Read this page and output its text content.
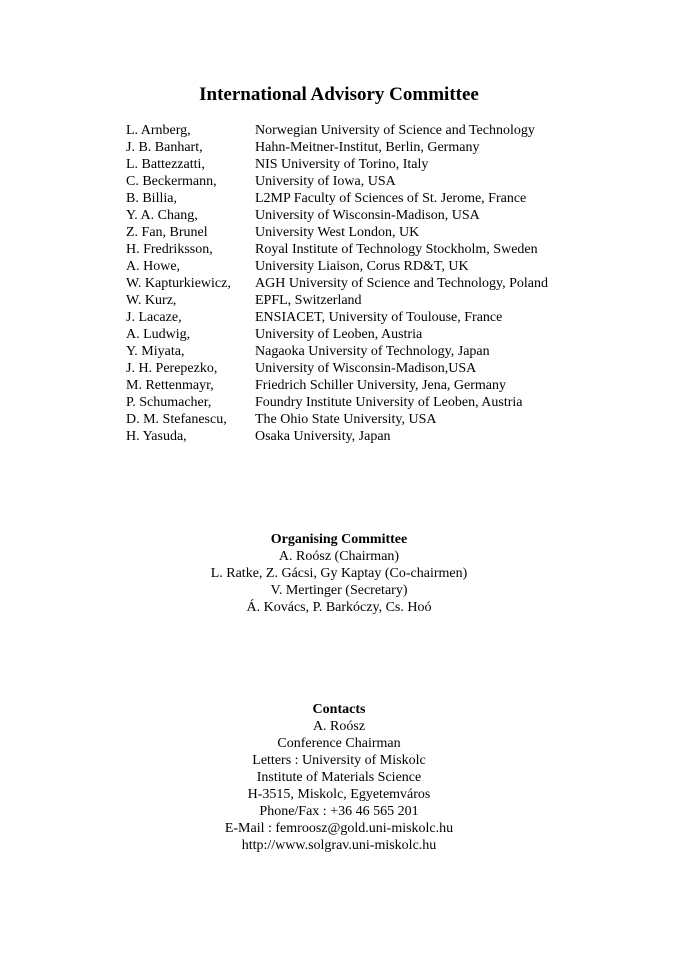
International Advisory Committee
L. Arnberg,	Norwegian University of Science and Technology
J. B. Banhart,	Hahn-Meitner-Institut, Berlin, Germany
L. Battezzatti,	NIS University of Torino, Italy
C. Beckermann,	University of Iowa, USA
B. Billia,	L2MP Faculty of Sciences of St. Jerome, France
Y. A. Chang,	University of Wisconsin-Madison, USA
Z. Fan, Brunel	University West London, UK
H. Fredriksson,	Royal Institute of Technology Stockholm, Sweden
A. Howe,	University Liaison, Corus RD&T, UK
W. Kapturkiewicz,	AGH University of Science and Technology, Poland
W. Kurz,	EPFL, Switzerland
J. Lacaze,	ENSIACET, University of Toulouse, France
A. Ludwig,	University of Leoben, Austria
Y. Miyata,	Nagaoka University of Technology, Japan
J. H. Perepezko,	University of Wisconsin-Madison,USA
M. Rettenmayr,	Friedrich Schiller University, Jena, Germany
P. Schumacher,	Foundry Institute University of Leoben, Austria
D. M. Stefanescu,	The Ohio State University, USA
H. Yasuda,	Osaka University, Japan
Organising Committee
A. Roósz (Chairman)
L. Ratke, Z. Gácsi, Gy Kaptay (Co-chairmen)
V. Mertinger (Secretary)
Á. Kovács, P. Barkóczy, Cs. Hoó
Contacts
A. Roósz
Conference Chairman
Letters : University of Miskolc
Institute of Materials Science
H-3515, Miskolc, Egyetemváros
Phone/Fax : +36 46 565 201
E-Mail : femroosz@gold.uni-miskolc.hu
http://www.solgrav.uni-miskolc.hu
